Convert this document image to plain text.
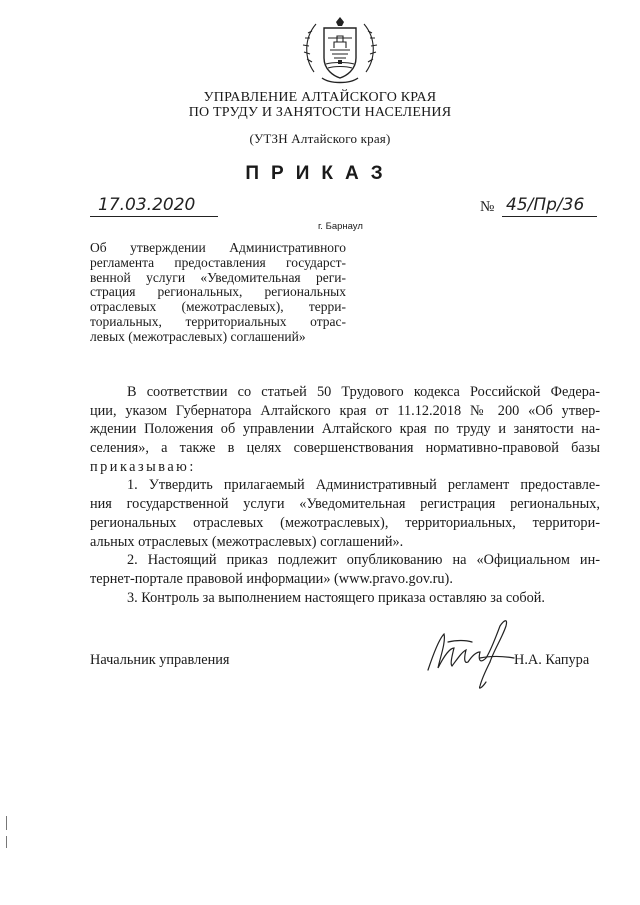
УПРАВЛЕНИЕ АЛТАЙСКОГО КРАЯ
ПО ТРУДУ И ЗАНЯТОСТИ НАСЕЛЕНИЯ
(УТЗН Алтайского края)
ПРИКАЗ
17.03.2020	№ 45/Пр/36
г. Барнаул
Об утверждении Административного
регламента предоставления государст-
венной услуги «Уведомительная реги-
страция региональных, региональных
отраслевых (межотраслевых), терри-
ториальных, территориальных отрас-
левых (межотраслевых) соглашений»
В соответствии со статьей 50 Трудового кодекса Российской Федера-
ции, указом Губернатора Алтайского края от 11.12.2018 № 200 «Об утвер-
ждении Положения об управлении Алтайского края по труду и занятости на-
селения», а также в целях совершенствования нормативно-правовой базы
приказываю:
1. Утвердить прилагаемый Административный регламент предоставле-
ния государственной услуги «Уведомительная регистрация региональных,
региональных отраслевых (межотраслевых), территориальных, территори-
альных отраслевых (межотраслевых) соглашений».
2. Настоящий приказ подлежит опубликованию на «Официальном ин-
тернет-портале правовой информации» (www.pravo.gov.ru).
3. Контроль за выполнением настоящего приказа оставляю за собой.
Начальник управления	Н.А. Капура
